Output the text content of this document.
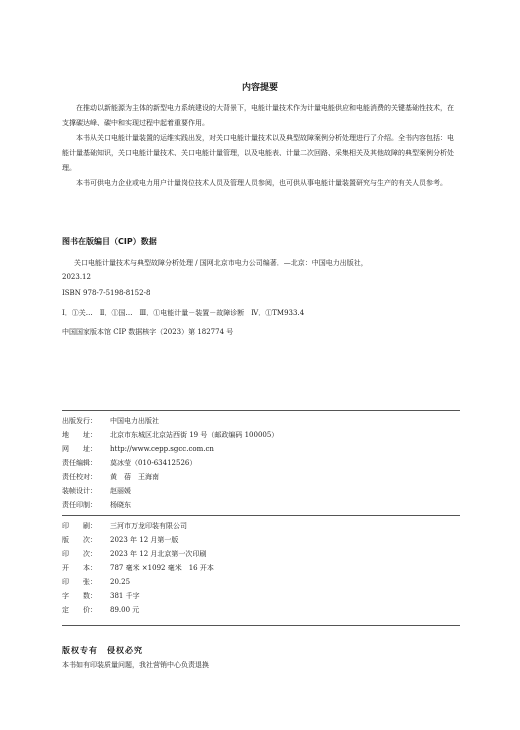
内容提要

在推动以新能源为主体的新型电力系统建设的大背景下，电能计量技术作为计量电能供应和电能消费的关键基础性技术，在支撑碳达峰、碳中和实现过程中起着重要作用。

本书从关口电能计量装置的运维实践出发，对关口电能计量技术以及典型故障案例分析处理进行了介绍。全书内容包括：电能计量基础知识，关口电能计量技术、关口电能计量管理，以及电能表、计量二次回路、采集相关及其他故障的典型案例分析处理。

本书可供电力企业或电力用户计量岗位技术人员及管理人员参阅，也可供从事电能计量装置研究与生产的有关人员参考。

图书在版编目（CIP）数据
关口电能计量技术与典型故障分析处理 / 国网北京市电力公司编著．—北京：中国电力出版社，
2023.12
ISBN 978-7-5198-8152-8
Ⅰ．①关…　Ⅱ．①国…　Ⅲ．①电能计量－装置－故障诊断　Ⅳ．①TM933.4
中国国家版本馆 CIP 数据核字（2023）第 182774 号
出版发行： 中国电力出版社
地　　址： 北京市东城区北京站西街 19 号（邮政编码 100005）
网　　址： http://www.cepp.sgcc.com.cn
责任编辑： 莫冰莹（010-63412526）
责任校对： 黄　蓓　王海南
装帧设计： 赵丽媛
责任印制： 杨晓东
印　　刷： 三河市万龙印装有限公司
版　　次： 2023 年 12 月第一版
印　　次： 2023 年 12 月北京第一次印刷
开　　本： 787 毫米 ×1092 毫米　16 开本
印　　张： 20.25
字　　数： 381 千字
定　　价： 89.00 元
版权专有　侵权必究
本书如有印装质量问题，我社营销中心负责退换
